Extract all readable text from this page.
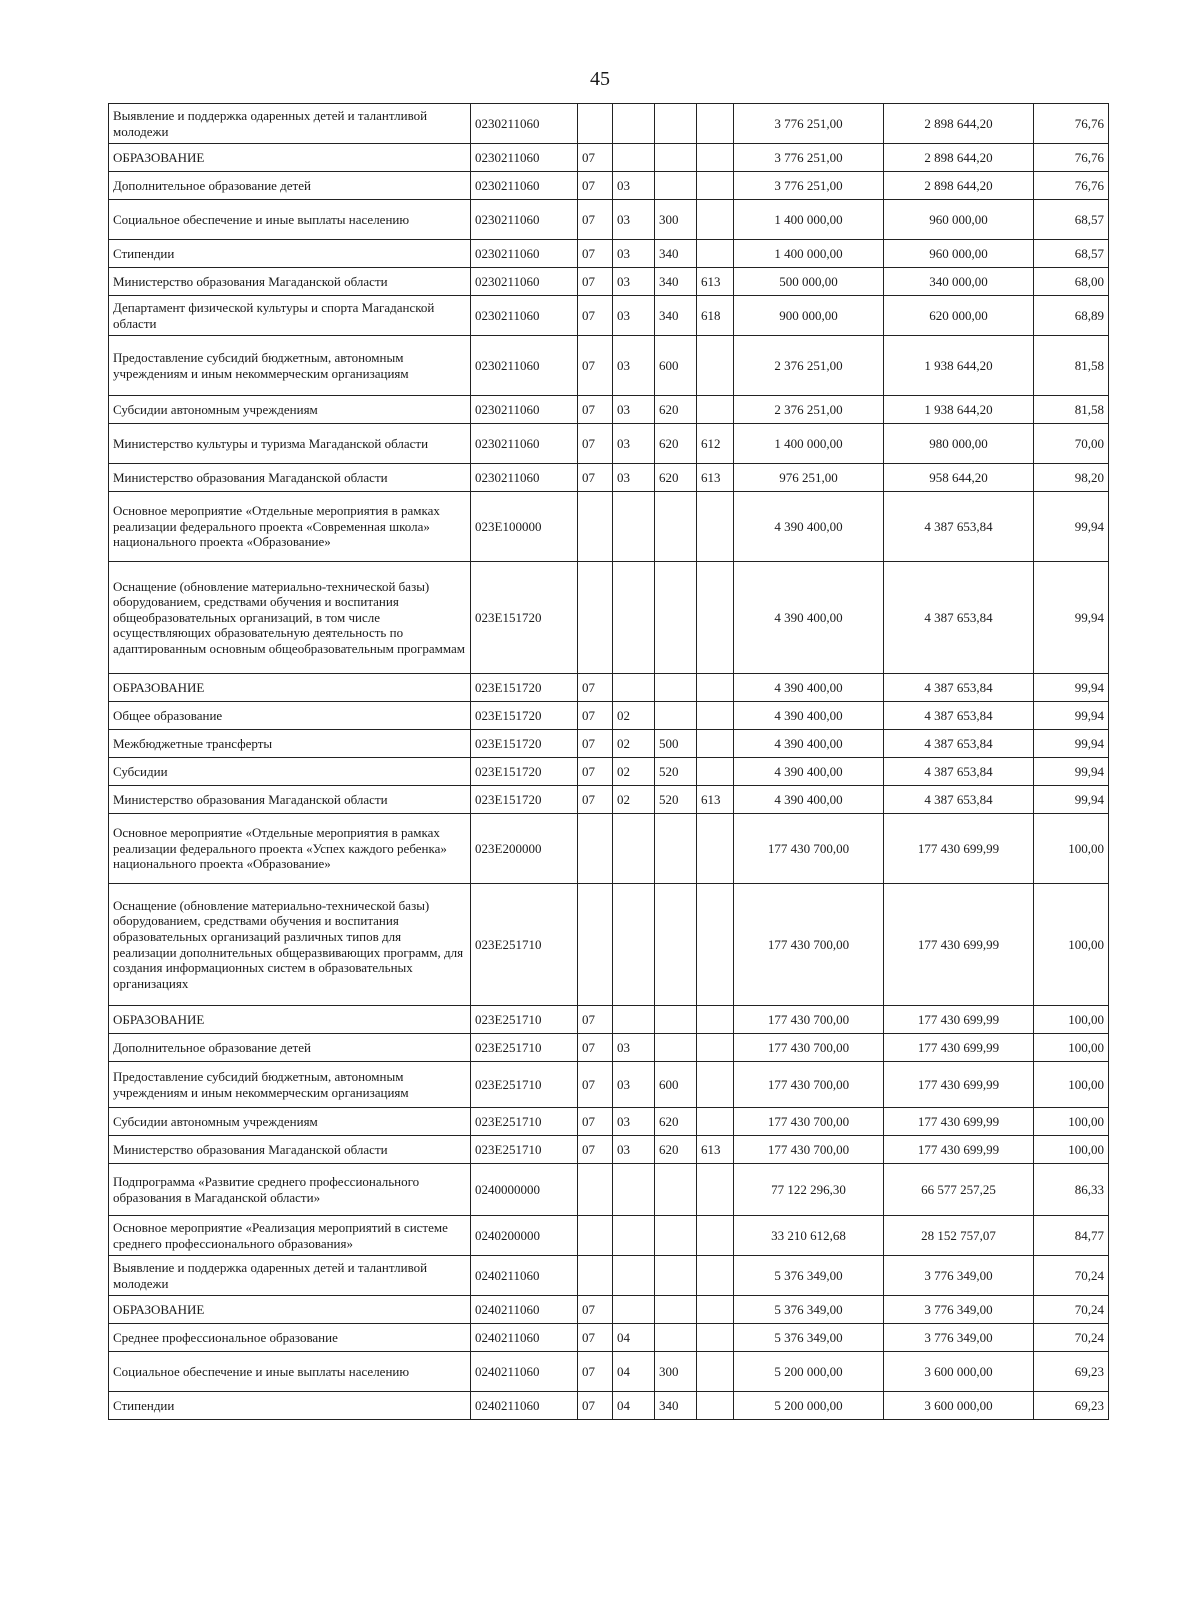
45
Выявление и поддержка одаренных детей и талантливой молодежи	0230211060					3 776 251,00	2 898 644,20	76,76
ОБРАЗОВАНИЕ	0230211060	07				3 776 251,00	2 898 644,20	76,76
Дополнительное образование детей	0230211060	07	03			3 776 251,00	2 898 644,20	76,76
Социальное обеспечение и иные выплаты населению	0230211060	07	03	300		1 400 000,00	960 000,00	68,57
Стипендии	0230211060	07	03	340		1 400 000,00	960 000,00	68,57
Министерство образования Магаданской области	0230211060	07	03	340	613	500 000,00	340 000,00	68,00
Департамент физической культуры и спорта Магаданской области	0230211060	07	03	340	618	900 000,00	620 000,00	68,89
Предоставление субсидий бюджетным, автономным учреждениям и иным некоммерческим организациям	0230211060	07	03	600		2 376 251,00	1 938 644,20	81,58
Субсидии автономным учреждениям	0230211060	07	03	620		2 376 251,00	1 938 644,20	81,58
Министерство культуры и туризма Магаданской области	0230211060	07	03	620	612	1 400 000,00	980 000,00	70,00
Министерство образования Магаданской области	0230211060	07	03	620	613	976 251,00	958 644,20	98,20
Основное мероприятие «Отдельные мероприятия в рамках реализации федерального проекта «Современная школа» национального проекта «Образование»	023E100000					4 390 400,00	4 387 653,84	99,94
Оснащение (обновление материально-технической базы) оборудованием, средствами обучения и воспитания общеобразовательных организаций, в том числе осуществляющих образовательную деятельность по адаптированным основным общеобразовательным программам	023E151720					4 390 400,00	4 387 653,84	99,94
ОБРАЗОВАНИЕ	023E151720	07				4 390 400,00	4 387 653,84	99,94
Общее образование	023E151720	07	02			4 390 400,00	4 387 653,84	99,94
Межбюджетные трансферты	023E151720	07	02	500		4 390 400,00	4 387 653,84	99,94
Субсидии	023E151720	07	02	520		4 390 400,00	4 387 653,84	99,94
Министерство образования Магаданской области	023E151720	07	02	520	613	4 390 400,00	4 387 653,84	99,94
Основное мероприятие «Отдельные мероприятия в рамках реализации федерального проекта «Успех каждого ребенка» национального проекта «Образование»	023E200000					177 430 700,00	177 430 699,99	100,00
Оснащение (обновление материально-технической базы) оборудованием, средствами обучения и воспитания образовательных организаций различных типов для реализации дополнительных общеразвивающих программ, для создания информационных систем в образовательных организациях	023E251710					177 430 700,00	177 430 699,99	100,00
ОБРАЗОВАНИЕ	023E251710	07				177 430 700,00	177 430 699,99	100,00
Дополнительное образование детей	023E251710	07	03			177 430 700,00	177 430 699,99	100,00
Предоставление субсидий бюджетным, автономным учреждениям и иным некоммерческим организациям	023E251710	07	03	600		177 430 700,00	177 430 699,99	100,00
Субсидии автономным учреждениям	023E251710	07	03	620		177 430 700,00	177 430 699,99	100,00
Министерство образования Магаданской области	023E251710	07	03	620	613	177 430 700,00	177 430 699,99	100,00
Подпрограмма «Развитие среднего профессионального образования в Магаданской области»	0240000000					77 122 296,30	66 577 257,25	86,33
Основное мероприятие «Реализация мероприятий в системе среднего профессионального образования»	0240200000					33 210 612,68	28 152 757,07	84,77
Выявление и поддержка одаренных детей и талантливой молодежи	0240211060					5 376 349,00	3 776 349,00	70,24
ОБРАЗОВАНИЕ	0240211060	07				5 376 349,00	3 776 349,00	70,24
Среднее профессиональное образование	0240211060	07	04			5 376 349,00	3 776 349,00	70,24
Социальное обеспечение и иные выплаты населению	0240211060	07	04	300		5 200 000,00	3 600 000,00	69,23
Стипендии	0240211060	07	04	340		5 200 000,00	3 600 000,00	69,23
